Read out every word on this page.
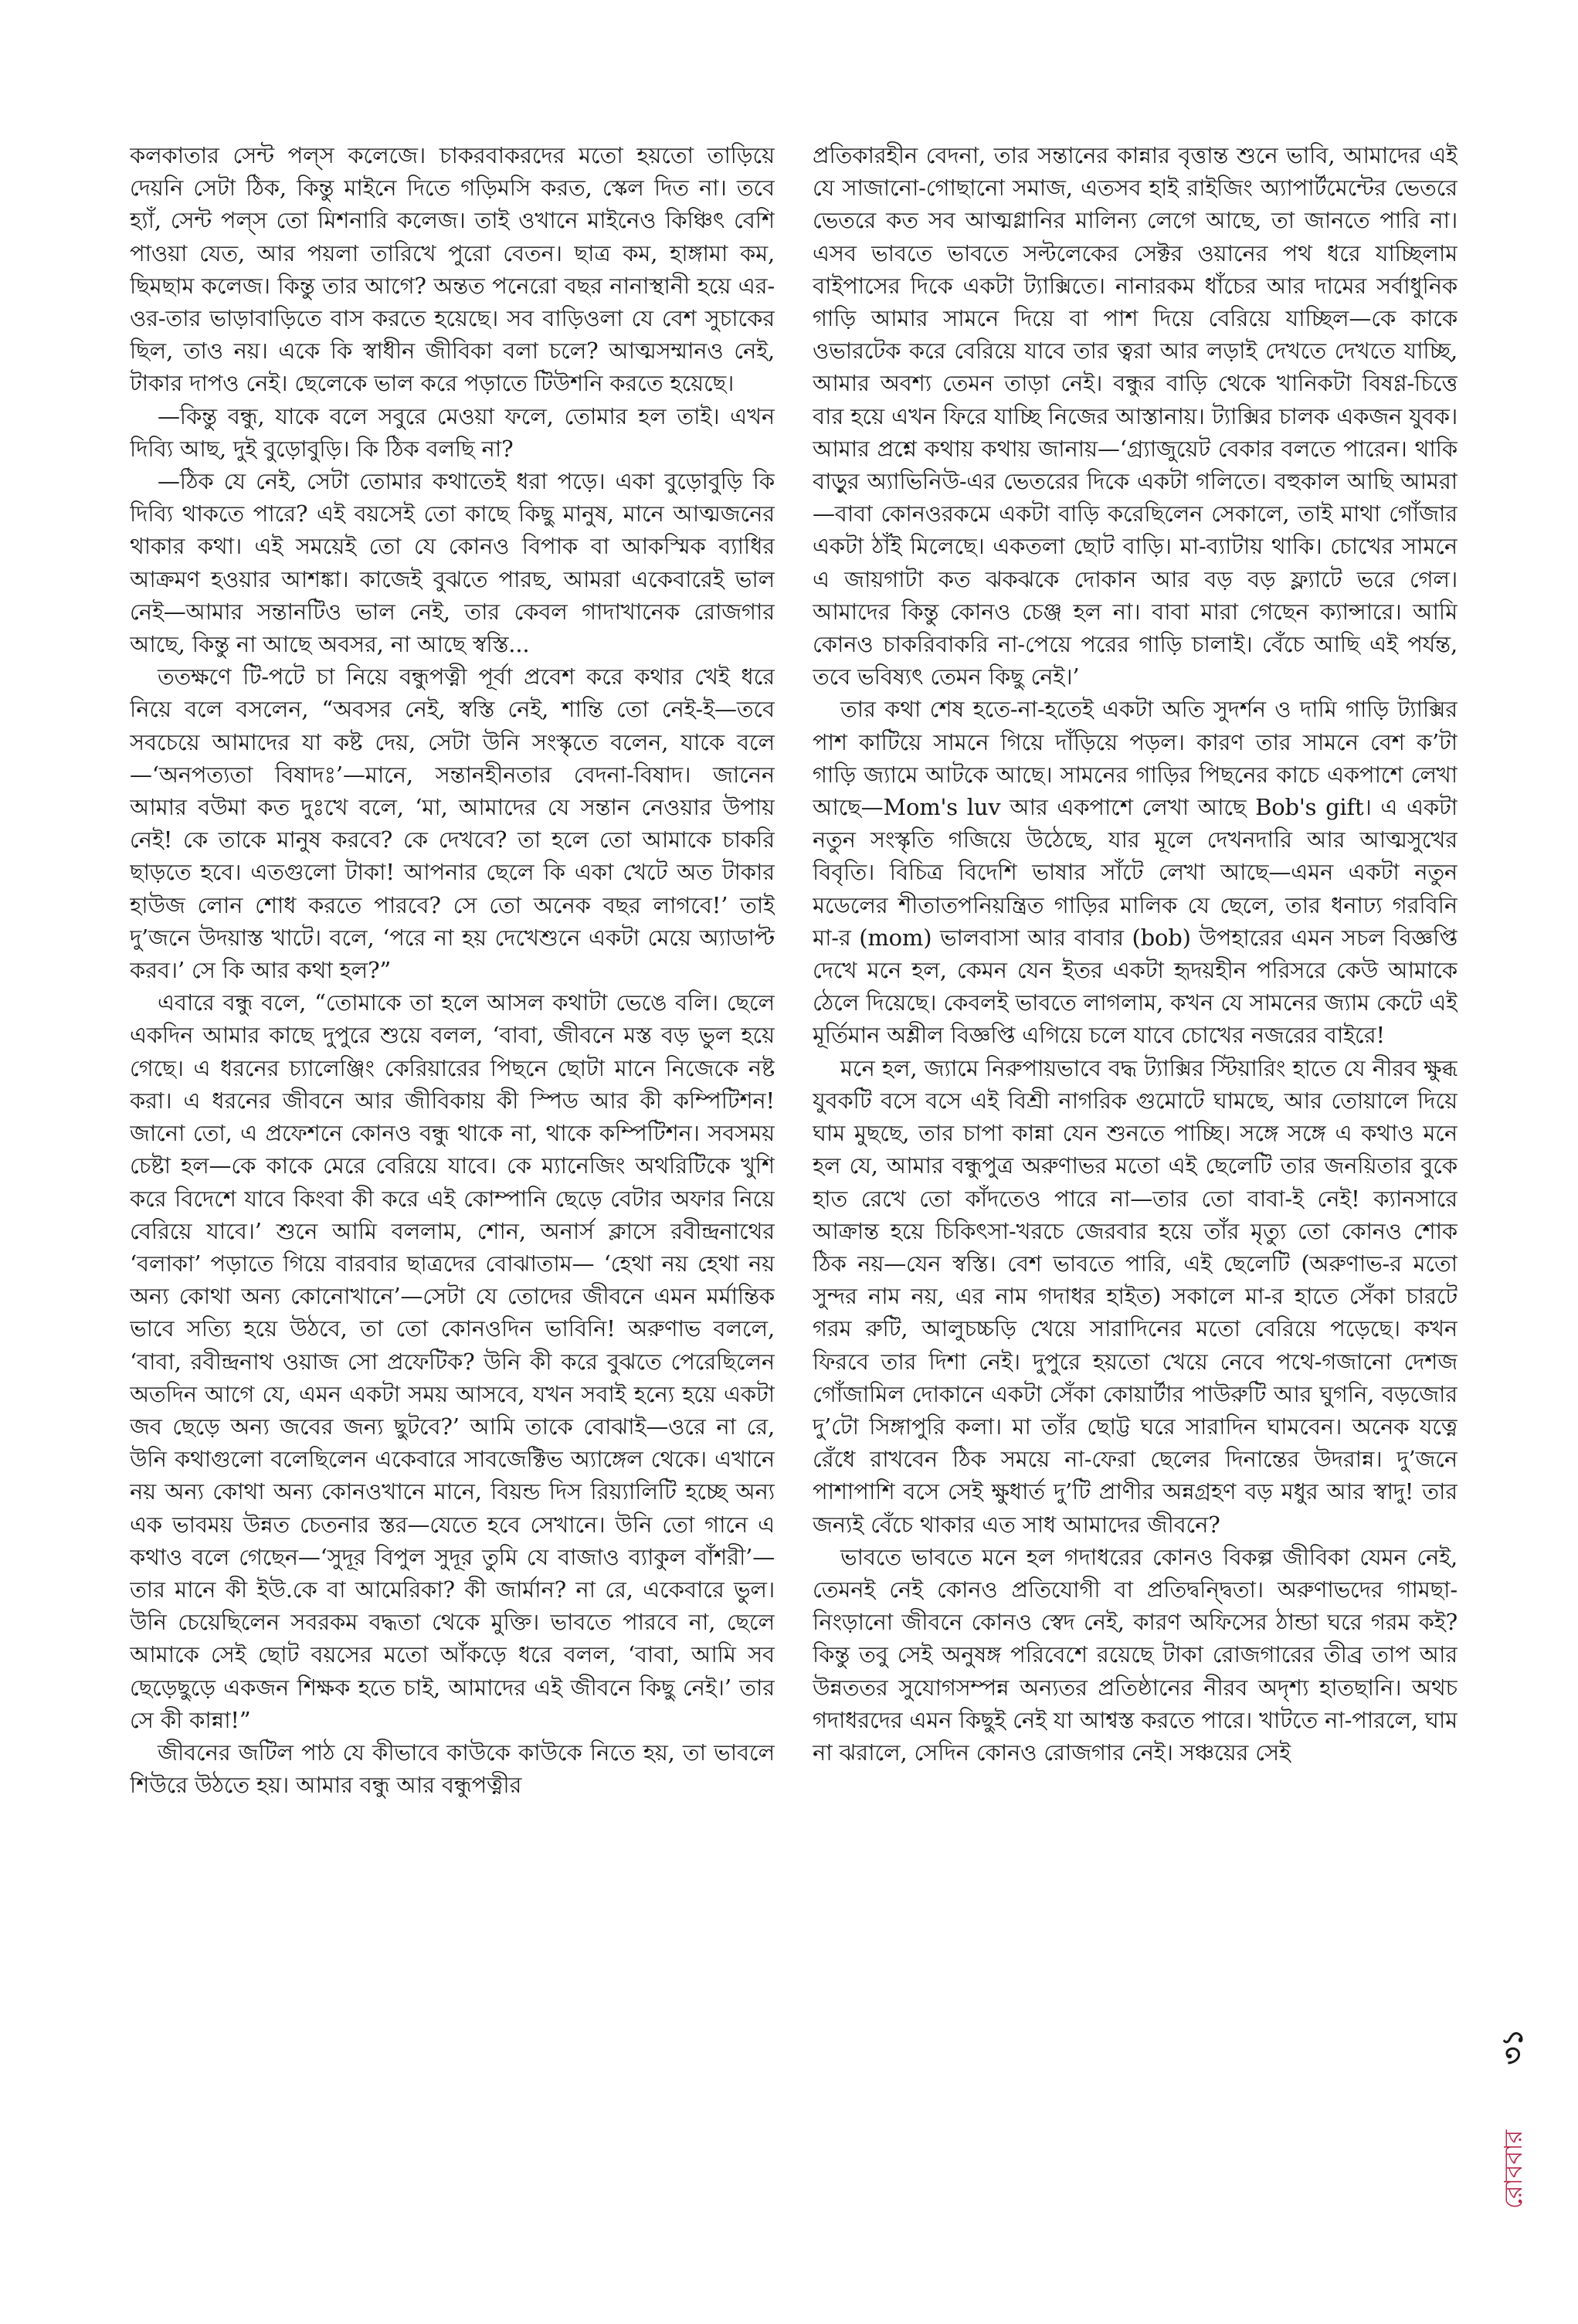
কলকাতার সেন্ট পল্‌স কলেজে। চাকরবাকরদের মতো হয়তো তাড়িয়ে দেয়নি সেটা ঠিক, কিন্তু মাইনে দিতে গড়িমসি করত, স্কেল দিত না। তবে হ্যাঁ, সেন্ট পল্‌স তো মিশনারি কলেজ। তাই ওখানে মাইনেও কিঞ্চিৎ বেশি পাওয়া যেত, আর পয়লা তারিখে পুরো বেতন। ছাত্র কম, হাঙ্গামা কম, ছিমছাম কলেজ। কিন্তু তার আগে? অন্তত পনেরো বছর নানাস্থানী হয়ে এর-ওর-তার ভাড়াবাড়িতে বাস করতে হয়েছে। সব বাড়িওলা যে বেশ সুচাকের ছিল, তাও নয়। একে কি স্বাধীন জীবিকা বলা চলে? আত্মসম্মানও নেই, টাকার দাপও নেই। ছেলেকে ভাল করে পড়াতে টিউশনি করতে হয়েছে।

—কিন্তু বন্ধু, যাকে বলে সবুরে মেওয়া ফলে, তোমার হল তাই। এখন দিব্যি আছ, দুই বুড়োবুড়ি। কি ঠিক বলছি না?

—ঠিক যে নেই, সেটা তোমার কথাতেই ধরা পড়ে। একা বুড়োবুড়ি কি দিব্যি থাকতে পারে? এই বয়সেই তো কাছে কিছু মানুষ, মানে আত্মজনের থাকার কথা। এই সময়েই তো যে কোনও বিপাক বা আকস্মিক ব্যাধির আক্রমণ হওয়ার আশঙ্কা। কাজেই বুঝতে পারছ, আমরা একেবারেই ভাল নেই—আমার সন্তানটিও ভাল নেই, তার কেবল গাদাখানেক রোজগার আছে, কিন্তু না আছে অবসর, না আছে স্বস্তি...

ততক্ষণে টি-পটে চা নিয়ে বন্ধুপত্নী পূর্বা প্রবেশ করে কথার খেই ধরে নিয়ে বলে বসলেন, “অবসর নেই, স্বস্তি নেই, শান্তি তো নেই-ই—তবে সবচেয়ে আমাদের যা কষ্ট দেয়, সেটা উনি সংস্কৃতে বলেন, যাকে বলে—‘অনপত্যতা বিষাদঃ’—মানে, সন্তানহীনতার বেদনা-বিষাদ। জানেন আমার বউমা কত দুঃখে বলে, ‘মা, আমাদের যে সন্তান নেওয়ার উপায় নেই! কে তাকে মানুষ করবে? কে দেখবে? তা হলে তো আমাকে চাকরি ছাড়তে হবে। এতগুলো টাকা! আপনার ছেলে কি একা খেটে অত টাকার হাউজ লোন শোধ করতে পারবে? সে তো অনেক বছর লাগবে!’ তাই দু’জনে উদয়াস্ত খাটে। বলে, ‘পরে না হয় দেখেশুনে একটা মেয়ে অ্যাডাপ্ট করব।’ সে কি আর কথা হল?”

এবারে বন্ধু বলে, “তোমাকে তা হলে আসল কথাটা ভেঙে বলি। ছেলে একদিন আমার কাছে দুপুরে শুয়ে বলল, ‘বাবা, জীবনে মস্ত বড় ভুল হয়ে গেছে। এ ধরনের চ্যালেঞ্জিং কেরিয়ারের পিছনে ছোটা মানে নিজেকে নষ্ট করা। এ ধরনের জীবনে আর জীবিকায় কী স্পিড আর কী কম্পিটিশন! জানো তো, এ প্রফেশনে কোনও বন্ধু থাকে না, থাকে কম্পিটিশন। সবসময় চেষ্টা হল—কে কাকে মেরে বেরিয়ে যাবে। কে ম্যানেজিং অথরিটিকে খুশি করে বিদেশে যাবে কিংবা কী করে এই কোম্পানি ছেড়ে বেটার অফার নিয়ে বেরিয়ে যাবে।’ শুনে আমি বললাম, শোন, অনার্স ক্লাসে রবীন্দ্রনাথের ‘বলাকা’ পড়াতে গিয়ে বারবার ছাত্রদের বোঝাতাম— ‘হেথা নয় হেথা নয় অন্য কোথা অন্য কোনোখানে’—সেটা যে তোদের জীবনে এমন মর্মান্তিক ভাবে সত্যি হয়ে উঠবে, তা তো কোনওদিন ভাবিনি! অরুণাভ বললে, ‘বাবা, রবীন্দ্রনাথ ওয়াজ সো প্রফেটিক? উনি কী করে বুঝতে পেরেছিলেন অতদিন আগে যে, এমন একটা সময় আসবে, যখন সবাই হন্যে হয়ে একটা জব ছেড়ে অন্য জবের জন্য ছুটবে?’ আমি তাকে বোঝাই—ওরে না রে, উনি কথাগুলো বলেছিলেন একেবারে সাবজেক্টিভ অ্যাঙ্গেল থেকে। এখানে নয় অন্য কোথা অন্য কোনওখানে মানে, বিয়ন্ড দিস রিয়্যালিটি হচ্ছে অন্য এক ভাবময় উন্নত চেতনার স্তর—যেতে হবে সেখানে। উনি তো গানে এ কথাও বলে গেছেন—‘সুদূর বিপুল সুদূর তুমি যে বাজাও ব্যাকুল বাঁশরী’—তার মানে কী ইউ.কে বা আমেরিকা? কী জার্মান? না রে, একেবারে ভুল। উনি চেয়েছিলেন সবরকম বদ্ধতা থেকে মুক্তি। ভাবতে পারবে না, ছেলে আমাকে সেই ছোট বয়সের মতো আঁকড়ে ধরে বলল, ‘বাবা, আমি সব ছেড়েছুড়ে একজন শিক্ষক হতে চাই, আমাদের এই জীবনে কিছু নেই।’ তার সে কী কান্না!”

জীবনের জটিল পাঠ যে কীভাবে কাউকে কাউকে নিতে হয়, তা ভাবলে শিউরে উঠতে হয়। আমার বন্ধু আর বন্ধুপত্নীর

প্রতিকারহীন বেদনা, তার সন্তানের কান্নার বৃত্তান্ত শুনে ভাবি, আমাদের এই যে সাজানো-গোছানো সমাজ, এতসব হাই রাইজিং অ্যাপার্টমেন্টের ভেতরে ভেতরে কত সব আত্মগ্লানির মালিন্য লেগে আছে, তা জানতে পারি না। এসব ভাবতে ভাবতে সল্টলেকের সেক্টর ওয়ানের পথ ধরে যাচ্ছিলাম বাইপাসের দিকে একটা ট্যাক্সিতে। নানারকম ধাঁচের আর দামের সর্বাধুনিক গাড়ি আমার সামনে দিয়ে বা পাশ দিয়ে বেরিয়ে যাচ্ছিল—কে কাকে ওভারটেক করে বেরিয়ে যাবে তার ত্বরা আর লড়াই দেখতে দেখতে যাচ্ছি, আমার অবশ্য তেমন তাড়া নেই। বন্ধুর বাড়ি থেকে খানিকটা বিষণ্ণ-চিত্তে বার হয়ে এখন ফিরে যাচ্ছি নিজের আস্তানায়। ট্যাক্সির চালক একজন যুবক। আমার প্রশ্নে কথায় কথায় জানায়—‘গ্র্যাজুয়েট বেকার বলতে পারেন। থাকি বাড়ুর অ্যাভিনিউ-এর ভেতরের দিকে একটা গলিতে। বহুকাল আছি আমরা—বাবা কোনওরকমে একটা বাড়ি করেছিলেন সেকালে, তাই মাথা গোঁজার একটা ঠাঁই মিলেছে। একতলা ছোট বাড়ি। মা-ব্যাটায় থাকি। চোখের সামনে এ জায়গাটা কত ঝকঝকে দোকান আর বড় বড় ফ্ল্যাটে ভরে গেল। আমাদের কিন্তু কোনও চেঞ্জ হল না। বাবা মারা গেছেন ক্যান্সারে। আমি কোনও চাকরিবাকরি না-পেয়ে পরের গাড়ি চালাই। বেঁচে আছি এই পর্যন্ত, তবে ভবিষ্যৎ তেমন কিছু নেই।’

তার কথা শেষ হতে-না-হতেই একটা অতি সুদর্শন ও দামি গাড়ি ট্যাক্সির পাশ কাটিয়ে সামনে গিয়ে দাঁড়িয়ে পড়ল। কারণ তার সামনে বেশ ক’টা গাড়ি জ্যামে আটকে আছে। সামনের গাড়ির পিছনের কাচে একপাশে লেখা আছে—Mom's luv আর একপাশে লেখা আছে Bob's gift। এ একটা নতুন সংস্কৃতি গজিয়ে উঠেছে, যার মূলে দেখনদারি আর আত্মসুখের বিবৃতি। বিচিত্র বিদেশি ভাষার সাঁটে লেখা আছে—এমন একটা নতুন মডেলের শীতাতপনিয়ন্ত্রিত গাড়ির মালিক যে ছেলে, তার ধনাঢ্য গরবিনি মা-র (mom) ভালবাসা আর বাবার (bob) উপহারের এমন সচল বিজ্ঞপ্তি দেখে মনে হল, কেমন যেন ইতর একটা হৃদয়হীন পরিসরে কেউ আমাকে ঠেলে দিয়েছে। কেবলই ভাবতে লাগলাম, কখন যে সামনের জ্যাম কেটে এই মূর্তিমান অশ্লীল বিজ্ঞপ্তি এগিয়ে চলে যাবে চোখের নজরের বাইরে!

মনে হল, জ্যামে নিরুপায়ভাবে বদ্ধ ট্যাক্সির স্টিয়ারিং হাতে যে নীরব ক্ষুব্ধ যুবকটি বসে বসে এই বিশ্রী নাগরিক গুমোটে ঘামছে, আর তোয়ালে দিয়ে ঘাম মুছছে, তার চাপা কান্না যেন শুনতে পাচ্ছি। সঙ্গে সঙ্গে এ কথাও মনে হল যে, আমার বন্ধুপুত্র অরুণাভর মতো এই ছেলেটি তার জনয়িতার বুকে হাত রেখে তো কাঁদতেও পারে না—তার তো বাবা-ই নেই! ক্যানসারে আক্রান্ত হয়ে চিকিৎসা-খরচে জেরবার হয়ে তাঁর মৃত্যু তো কোনও শোক ঠিক নয়—যেন স্বস্তি। বেশ ভাবতে পারি, এই ছেলেটি (অরুণাভ-র মতো সুন্দর নাম নয়, এর নাম গদাধর হাইত) সকালে মা-র হাতে সেঁকা চারটে গরম রুটি, আলুচচ্চড়ি খেয়ে সারাদিনের মতো বেরিয়ে পড়েছে। কখন ফিরবে তার দিশা নেই। দুপুরে হয়তো খেয়ে নেবে পথে-গজানো দেশজ গোঁজামিল দোকানে একটা সেঁকা কোয়ার্টার পাউরুটি আর ঘুগনি, বড়জোর দু’টো সিঙ্গাপুরি কলা। মা তাঁর ছোট্ট ঘরে সারাদিন ঘামবেন। অনেক যত্নে রেঁধে রাখবেন ঠিক সময়ে না-ফেরা ছেলের দিনান্তের উদরান্ন। দু’জনে পাশাপাশি বসে সেই ক্ষুধার্ত দু’টি প্রাণীর অন্নগ্রহণ বড় মধুর আর স্বাদু! তার জন্যই বেঁচে থাকার এত সাধ আমাদের জীবনে?

ভাবতে ভাবতে মনে হল গদাধরের কোনও বিকল্প জীবিকা যেমন নেই, তেমনই নেই কোনও প্রতিযোগী বা প্রতিদ্বন্দ্বিতা। অরুণাভদের গামছা-নিংড়ানো জীবনে কোনও স্বেদ নেই, কারণ অফিসের ঠান্ডা ঘরে গরম কই? কিন্তু তবু সেই অনুষঙ্গ পরিবেশে রয়েছে টাকা রোজগারের তীব্র তাপ আর উন্নততর সুযোগসম্পন্ন অন্যতর প্রতিষ্ঠানের নীরব অদৃশ্য হাতছানি। অথচ গদাধরদের এমন কিছুই নেই যা আশ্বস্ত করতে পারে। খাটতে না-পারলে, ঘাম না ঝরালে, সেদিন কোনও রোজগার নেই। সঞ্চয়ের সেই

৩১
রোববার
